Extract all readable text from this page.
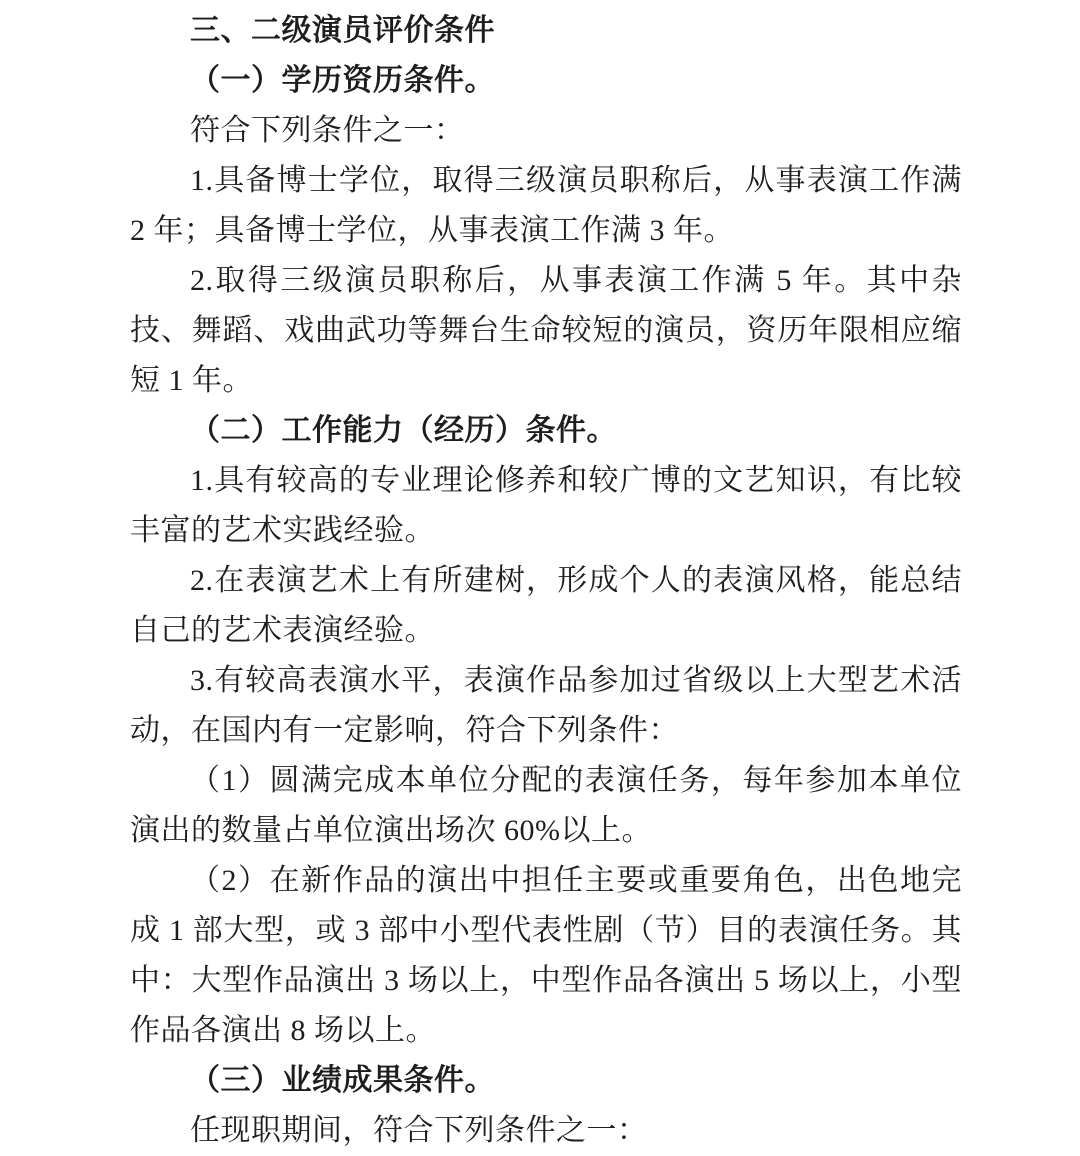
三、二级演员评价条件

（一）学历资历条件。

符合下列条件之一：

1.具备博士学位，取得三级演员职称后，从事表演工作满 2 年；具备博士学位，从事表演工作满 3 年。

2.取得三级演员职称后，从事表演工作满 5 年。其中杂技、舞蹈、戏曲武功等舞台生命较短的演员，资历年限相应缩短 1 年。

（二）工作能力（经历）条件。

1.具有较高的专业理论修养和较广博的文艺知识，有比较丰富的艺术实践经验。

2.在表演艺术上有所建树，形成个人的表演风格，能总结自己的艺术表演经验。

3.有较高表演水平，表演作品参加过省级以上大型艺术活动，在国内有一定影响，符合下列条件：

（1）圆满完成本单位分配的表演任务，每年参加本单位演出的数量占单位演出场次 60%以上。

（2）在新作品的演出中担任主要或重要角色，出色地完成 1 部大型，或 3 部中小型代表性剧（节）目的表演任务。其中：大型作品演出 3 场以上，中型作品各演出 5 场以上，小型作品各演出 8 场以上。

（三）业绩成果条件。

任现职期间，符合下列条件之一：
